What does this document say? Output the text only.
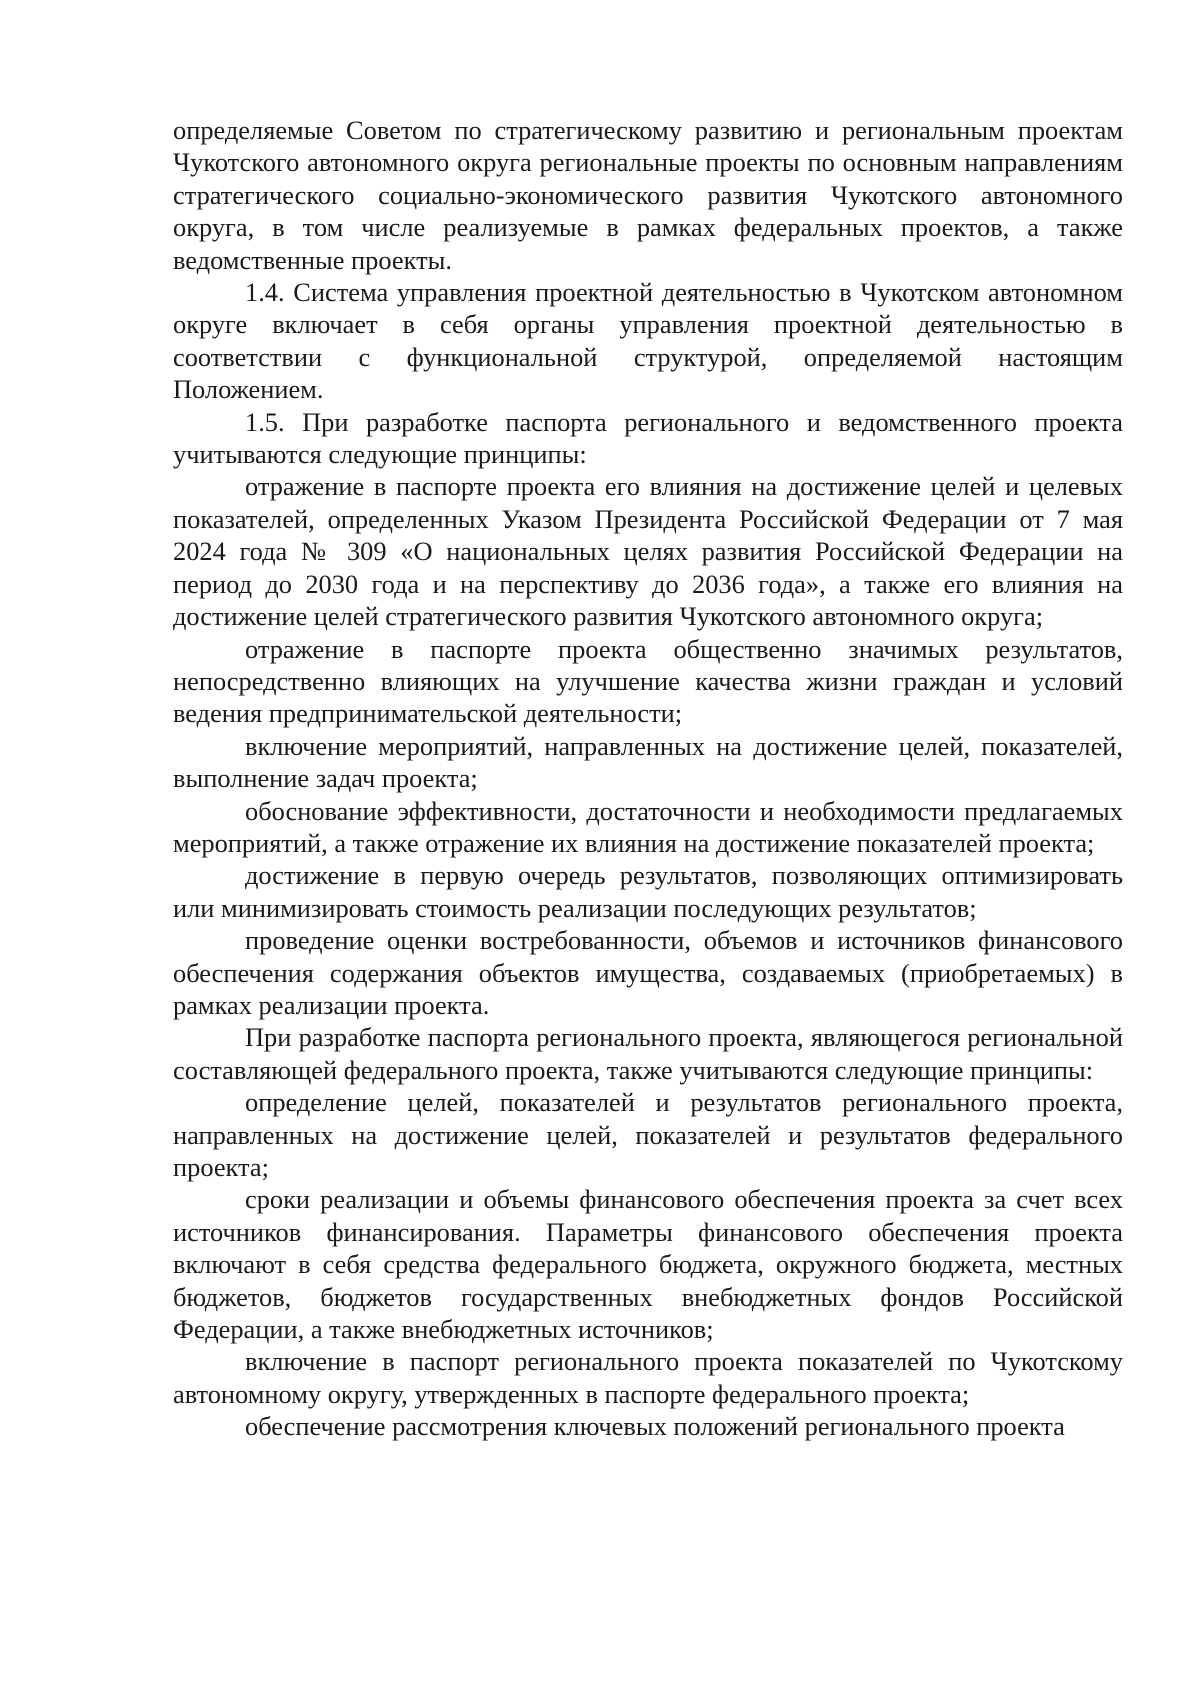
определяемые Советом по стратегическому развитию и региональным проектам Чукотского автономного округа региональные проекты по основным направлениям стратегического социально-экономического развития Чукотского автономного округа, в том числе реализуемые в рамках федеральных проектов, а также ведомственные проекты.

1.4. Система управления проектной деятельностью в Чукотском автономном округе включает в себя органы управления проектной деятельностью в соответствии с функциональной структурой, определяемой настоящим Положением.

1.5. При разработке паспорта регионального и ведомственного проекта учитываются следующие принципы:

отражение в паспорте проекта его влияния на достижение целей и целевых показателей, определенных Указом Президента Российской Федерации от 7 мая 2024 года № 309 «О национальных целях развития Российской Федерации на период до 2030 года и на перспективу до 2036 года», а также его влияния на достижение целей стратегического развития Чукотского автономного округа;

отражение в паспорте проекта общественно значимых результатов, непосредственно влияющих на улучшение качества жизни граждан и условий ведения предпринимательской деятельности;

включение мероприятий, направленных на достижение целей, показателей, выполнение задач проекта;

обоснование эффективности, достаточности и необходимости предлагаемых мероприятий, а также отражение их влияния на достижение показателей проекта;

достижение в первую очередь результатов, позволяющих оптимизировать или минимизировать стоимость реализации последующих результатов;

проведение оценки востребованности, объемов и источников финансового обеспечения содержания объектов имущества, создаваемых (приобретаемых) в рамках реализации проекта.

При разработке паспорта регионального проекта, являющегося региональной составляющей федерального проекта, также учитываются следующие принципы:

определение целей, показателей и результатов регионального проекта, направленных на достижение целей, показателей и результатов федерального проекта;

сроки реализации и объемы финансового обеспечения проекта за счет всех источников финансирования. Параметры финансового обеспечения проекта включают в себя средства федерального бюджета, окружного бюджета, местных бюджетов, бюджетов государственных внебюджетных фондов Российской Федерации, а также внебюджетных источников;

включение в паспорт регионального проекта показателей по Чукотскому автономному округу, утвержденных в паспорте федерального проекта;

обеспечение рассмотрения ключевых положений регионального проекта
